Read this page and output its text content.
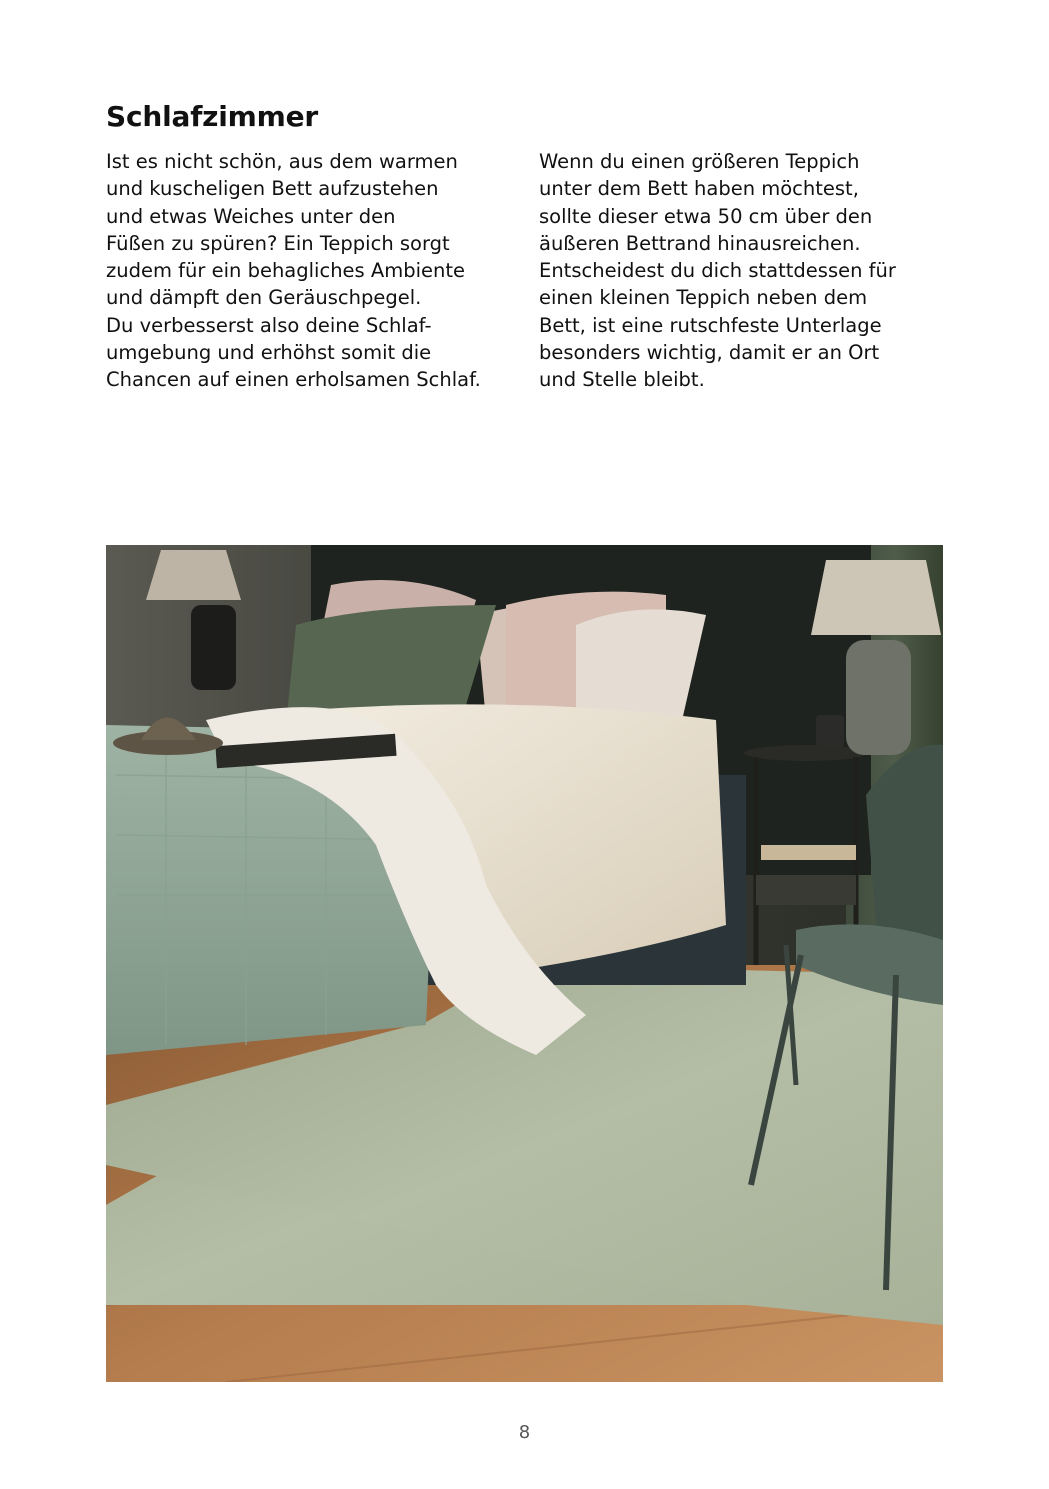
Schlafzimmer
Ist es nicht schön, aus dem warmen
und kuscheligen Bett aufzustehen
und etwas Weiches unter den
Füßen zu spüren? Ein Teppich sorgt
zudem für ein behagliches Ambiente
und dämpft den Geräuschpegel.
Du verbesserst also deine Schlaf-
umgebung und erhöhst somit die
Chancen auf einen erholsamen Schlaf.
Wenn du einen größeren Teppich
unter dem Bett haben möchtest,
sollte dieser etwa 50 cm über den
äußeren Bettrand hinausreichen.
Entscheidest du dich stattdessen für
einen kleinen Teppich neben dem
Bett, ist eine rutschfeste Unterlage
besonders wichtig, damit er an Ort
und Stelle bleibt.
8
